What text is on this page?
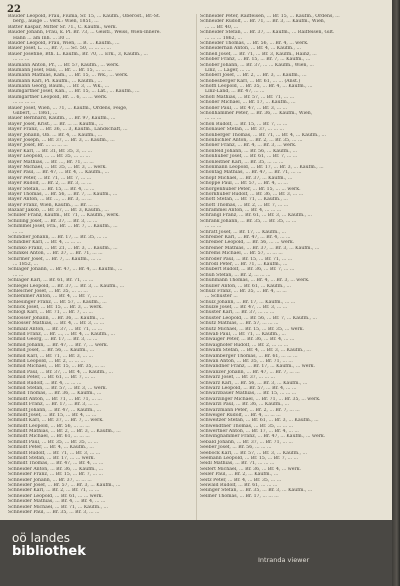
22
Bauder Leopold, Frau, Fiuma, Sr. 15, ... Kaufm., Oberöst., Br.-St.
berg., ausge ... Verk.: Wien, 1851, ...
Bätter Kaspar, Mitter Sr. 71., C. Kaufm., werk.
Bauder Johann, Frau, k. Pl. Br. 73, ... Geistl., Weiss, Wien-Innere.
Hahn ... am Inh. ... 30 ...
Bauder Leopold, Frau, Wien, ... B. ... Kaufm., ...
Bauer Josef, L. ..., Br. 7, ... Sc. 50, ... ... ... ...
Bauer Josefine, Bth. L. Kaufm., Br. 70, ... Erk., 3, Kaufm., ...
... ... ...
Baumann Anton, Pr., ... Br. 57, Kaufm., ... werk.
Baumann Josef, Hau, ... Br. ... Br. 15, ... ... ...
Baumann Mathias, Kam., ... Br. 15, ... Wk., ... werk.
Baumann Karl, Pl. Kaufm., ... Kaufm., ...
Baumann Georg, Baum., ... Br. 3, ... Wk., ...
Baumgartner Josef, Kan., ... Br. 15, ... Lat., ... Kaufm., ...
Baumgartner Leopold, Br. ... 6, ... ... werk.
... ... ... ...
Bauer Josef, Wien, ... 71, ... Kaufm., Ordens, Feige,
Gilbert, ... 1861, ...
Bauer Bernhard, Kaufm., ... Br. 97, Kaufm., ...
Bayer Josef, Krist., ... Br. ... ... Kaufm., ...
Bayer Franz, ... Br. 36, ... 3, Kaufm., Landschaft, ...
Bayer Johann, Ob. ... Br. 4, ... Kaufm., ...
Bayer Joseph, ... Br. 37, ... Br. 3, ... Kaufm., ...
Bayer Josef, Br. ... ... ... ...
Bayer Karl, ... Br. 31, Br. 35, 3, ... ...
Bayer Leopold, ... ... Br. 35, ... ... ...
Bayer Mathias, ... Br. ..., Br. 71, ... ...
Bayer Michael, ... Br. 35, ... Br. 3, ... werk.
Bayer Paul, ... Br. 47, ... Br. 4, ... Kaufm., ...
Bayer Peter, ... Br. 71, ... Br. 7, ... ...
Bayer Rudolf, ... Br. 2, ... Br. 3, ... ...
Bayer Stefan, ... Br. 15, ... Br. 4, ... ...
Bayer Thomas, ... Br. 56, ... Br. 7, ... Kaufm., ...
Bayer Anton, ... Br. ..., ... Br. 3, ... ...
Bayer Franz, Wien, Kaufm., ... Br. ... ...
Bazaar Jakob, ... Br. 37, ... Br. 3, Kaufm., ...
Schiller Franz, Kaufm., Br. 71, ... Kaufm., werk.
Schilling Josef, ... Br. 37, ... Br. 3, ... ...
Schimmel Josef, Fra., Br. ... Br. 7, ... Kaufm., ...
... ...
Schindler Johann, ... Br. 17, ... Br. 35, ... ...
Schindler Karl, ... Br. 4, ... ... ...
Schinko Franz, ... Br. 21, ... Br. 3, ... Kaufm., ...
Schinkel Anton, ... Br. 37, ... Br. 71, ... ...
Schirmer Josef, ... Br. 7, ... Kaufm., ... ...
... 1852, ...
Schlager Johann, ... Br. 47, ... Br. 4, ... Kaufm., ...
... ...
Schlager Karl, ... Br. 61, Br. 71, ... ...
Schlegel Leopold, ... Br. 37, ... Br. 3, ... Kaufm., ...
Schleicher Josef, ... Br. 35, ... ... ...
Schlemmer Anton, ... Br. 4, ... Br. 7, ... ...
Schlesinger Franz, ... Br. 57, ... Kaufm., ...
Schlick Josef, ... Br. 15, ... Br. 3, ... werk.
Schlögl Karl, ... Br. 71, ... Br. 7, ... ...
Schlosser Johann, ... Br. 36, ... Kaufm., ...
Schlosser Mathias, ... Br. 4, ... Br. 3, ... ...
Schmalz Anton, ... Br. 37, ... Br. 71, ... ...
Schmid Franz, ... Br. ..., ... Br. 4, ... Kaufm., ...
Schmid Georg, ... Br. 17, ... Br. 3, ... ...
Schmid Johann, ... Br. 47, ... Br. 7, ... werk.
Schmid Josef, ... Br. 56, ... Kaufm., ...
Schmid Karl, ... Br. 71, ... Br. 3, ... ...
Schmid Leopold, ... Br. 2, ... ... ...
Schmid Michael, ... Br. 15, ... Br. 35, ... ...
Schmid Paul, ... Br. 37, ... Br. 4, ... Kaufm., ...
Schmid Peter, ... Br. 61, ... Br. 7, ... ...
Schmid Rudolf, ... Br. 4, ... ... ...
Schmid Stefan, ... Br. 57, ... Br. 3, ... werk.
Schmid Thomas, ... Br. 36, ... Kaufm., ...
Schmidt Anton, ... Br. 71, ... Br. 71, ... ...
Schmidt Franz, ... Br. 17, ... Br. 3, ... ...
Schmidt Johann, ... Br. 47, ... Kaufm., ...
Schmidt Josef, ... Br. 15, ... Br. 4, ... ...
Schmidt Karl, ... Br. 37, ... Br. 7, ... werk.
Schmidt Leopold, ... Br. 56, ... ... ...
Schmidt Mathias, ... Br. 2, ... Br. 3, ... Kaufm., ...
Schmidt Michael, ... Br. 61, ... ... ...
Schmidt Paul, ... Br. 35, ... Br. 35, ... ...
Schmidt Peter, ... Br. 4, ... Kaufm., ...
Schmidt Rudolf, ... Br. 71, ... Br. 3, ... ...
Schmidt Stefan, ... Br. 17, ... ... werk.
Schmidt Thomas, ... Br. 47, ... Br. 4, ... ...
Schneider Anton, ... Br. 36, ... Kaufm., ...
Schneider Franz, ... Br. 15, ... Br. 7, ... ...
Schneider Johann, ... Br. 37, ... ... ...
Schneider Josef, ... Br. 57, ... Br. 3, ... Kaufm., ...
Schneider Karl, ... Br. 2, ... Br. 71, ... ...
Schneider Leopold, ... Br. 61, ... ... werk.
Schneider Mathias, ... Br. 4, ... Br. 4, ... ...
Schneider Michael, ... Br. 71, ... Kaufm., ...
Schneider Paul, ... Br. 35, ... Br. 3, ... ...
Schneider Peter, Raiffeisen, ... Br. 15, ... Kaufm., Ordens, ...
Schneider Rudolf, ... Br. 71, ... Br. 3, ... Kaufm., Wien,
... ... Br. 40, ...
Schneider Stefan, ... Br. 37, ... Kaufm., ... Raiffeisen, Gilt.
... ... ... 1862, ...
Schneider Thomas, ... Br. 56, ... Br. 4, ... werk.
Schneiderhan Anton, ... Br. 4, ... Kaufm., ...
Schnell Josef, ... Br. 71, ... Br. 3, Kaufm., Hainz, ...
Schober Franz, ... Br. 15, ... Br. 7, ... Kaufm., ...
Schober Johann, ... Br. 37, ... ... Kaufm., Wien, ...
Linz, ... Lager, ... ...
Schöberl Josef, ... Br. 2, ... Br. 3, ... Kaufm., ...
Schobesberger Karl, ... Br. 61, ... ... (Anst.)
Schöffl Leopold, ... Br. 35, ... Br. 4, ... Kaufm., ...
Linz-Land, ... Br. 47, ... ...
Schöfl Mathias, ... Br. 57, ... Br. 71, ... ...
Schöller Michael, ... Br. 17, ... Kaufm., ...
Schöller Paul, ... Br. 47, ... Br. 3, ... ...
Schöllhammer Peter, ... Br. 36, ... Kaufm., Wien,
... ... ...
Schön Rudolf, ... Br. 15, ... Br. 7, ... ...
Schönauer Stefan, ... Br. 37, ... ... ...
Schönberger Thomas, ... Br. 71, ... Br. 4, ... Kaufm., ...
Schönbichler Anton, ... Br. 2, ... Br. 35, ... ...
Schöner Franz, ... Br. 4, ... Br. 3, ... werk.
Schönfeld Johann, ... Br. 56, ... Kaufm., ...
Schönhuber Josef, ... Br. 61, ... Br. 7, ... ...
Schönleitner Karl, ... Br. 35, ... ... ...
Schönmann Leopold, ... Br. 17, ... Br. 3, ... Kaufm., ...
Schöntag Mathias, ... Br. 47, ... Br. 71, ... ...
Schopf Michael, ... Br. 37, ... Kaufm., ...
Schoppe Paul, ... Br. 57, ... Br. 4, ... ...
Schörgenhuber Peter, ... Br. 15, ... ... werk.
Schörkhuber Rudolf, ... Br. 36, ... Br. 3, ... ...
Schott Stefan, ... Br. 71, ... Kaufm., ...
Schott Thomas, ... Br. 2, ... Br. 7, ... ...
Schrammel Anton, ... Br. 4, ... ... ...
Schrangl Franz, ... Br. 61, ... Br. 3, ... Kaufm., ...
Schrank Johann, ... Br. 35, ... Br. 35, ... ...
... ... ...
Schratt Josef, ... Br. 17, ... Kaufm., ...
Schreiber Karl, ... Br. 47, ... Br. 4, ... ...
Schreiber Leopold, ... Br. 56, ... ... werk.
Schreiner Mathias, ... Br. 37, ... Br. 3, ... Kaufm., ...
Schrems Michael, ... Br. 57, ... ... ...
Schröder Paul, ... Br. 15, ... Br. 71, ... ...
Schrödl Peter, ... Br. 71, ... Kaufm., ...
Schubert Rudolf, ... Br. 36, ... Br. 7, ... ...
Schuh Stefan, ... Br. 2, ... ... ...
Schuhmann Thomas, ... Br. 4, ... Br. 3, ... werk.
Schuller Anton, ... Br. 61, ... Kaufm., ...
Schulz Franz, ... Br. 35, ... Br. 4, ... ...
... Schuster ...
Schulz Johann, ... Br. 17, ... Kaufm., ... ...
Schulze Josef, ... Br. 47, ... Br. 3, ... ...
Schuster Karl, ... Br. 37, ... ... ...
Schuster Leopold, ... Br. 56, ... Br. 7, ... Kaufm., ...
Schütz Mathias, ... Br. 57, ... ... ...
Schütz Michael, ... Br. 15, ... Br. 35, ... werk.
Schwab Paul, ... Br. 71, ... Kaufm., ...
Schwaiger Peter, ... Br. 36, ... Br. 4, ... ...
Schwaighofer Rudolf, ... Br. 2, ... ... ...
Schwalm Stefan, ... Br. 4, ... Br. 3, ... Kaufm., ...
Schwamberger Thomas, ... Br. 61, ... ... ...
Schwan Anton, ... Br. 35, ... Br. 71, ... ...
Schwandner Franz, ... Br. 17, ... Kaufm., ... werk.
Schwanzer Johann, ... Br. 47, ... Br. 7, ... ...
Schwarz Josef, ... Br. 37, ... ... ...
Schwarz Karl, ... Br. 56, ... Br. 3, ... Kaufm., ...
Schwarz Leopold, ... Br. 57, ... Br. 4, ... ...
Schwarzbauer Mathias, ... Br. 15, ... ... ...
Schwarzinger Michael, ... Br. 71, ... Br. 35, ... werk.
Schwarzl Paul, ... Br. 36, ... Kaufm., ...
Schwarzmann Peter, ... Br. 2, ... Br. 7, ... ...
Schweiger Rudolf, ... Br. 4, ... ... ...
Schweitzer Stefan, ... Br. 61, ... Br. 3, ... Kaufm., ...
Schwendtner Thomas, ... Br. 35, ... ... ...
Schwertner Anton, ... Br. 17, ... Br. 4, ... ...
Schwinghammer Franz, ... Br. 47, ... Kaufm., ... werk.
Sebald Johann, ... Br. 37, ... Br. 71, ... ...
Seeber Josef, ... Br. 56, ... ... ...
Seeböck Karl, ... Br. 57, ... Br. 3, ... Kaufm., ...
Seemann Leopold, ... Br. 15, ... Br. 7, ... ...
Seidl Mathias, ... Br. 71, ... ... ...
Seifert Michael, ... Br. 36, ... Br. 4, ... werk.
Seiler Paul, ... Br. 2, ... Kaufm., ...
Seitz Peter, ... Br. 4, ... Br. 35, ... ...
Seiwald Rudolf, ... Br. 61, ... ... ...
Selinger Stefan, ... Br. 35, ... Br. 3, ... Kaufm., ...
Sellner Thomas, ... Br. 17, ... ... ...
oö landes
bibliothek
Intranda viewer
